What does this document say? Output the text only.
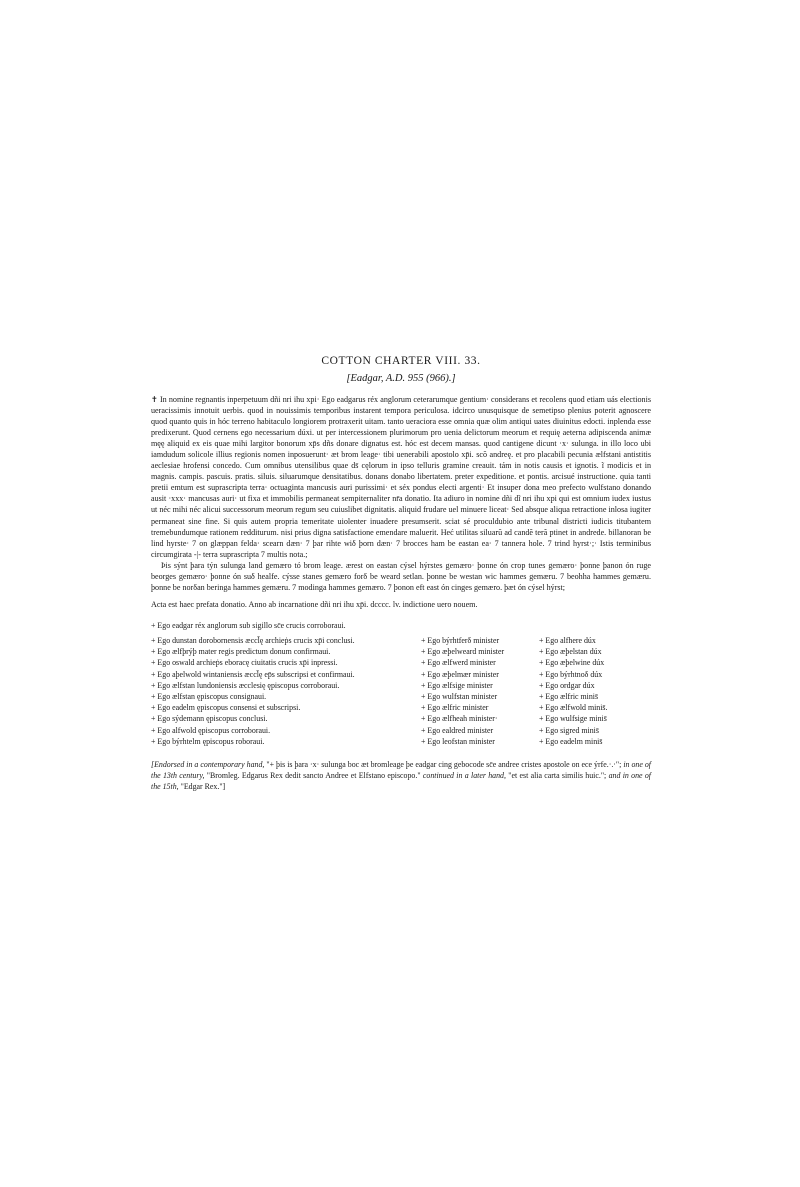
COTTON CHARTER VIII. 33.
[Eadgar, A.D. 955 (966).]

✝ In nomine regnantis inperpetuum dñi nri ihu xpi· Ego eadgarus réx anglorum ceterarumque gentium· considerans et recolens quod etiam uás electionis ueracissimis innotuit uerbis. quod in nouissimis temporibus instarent tempora periculosa. idcirco unusquisque de semetipso plenius poterit agnoscere quod quanto quis in hóc terreno habitaculo longiorem protraxerit uitam. tanto ueraciora esse omnia quæ olim antiqui uates diuinitus edocti. inplenda esse predixerunt. Quod cernens ego necessarium dúxi. ut per intercessionem plurimorum pro uenia delictorum meorum et requię aeterna adipiscenda animæ męę aliquid ex eis quae mihi largitor bonorum xp̄s dñs donare dignatus est. hóc est decem mansas. quod cantigene dicunt ·x· sulunga. in illo loco ubi iamdudum solicole illius regionis nomen inposuerunt· æt brom leage· tibi uenerabili apostolo xp̄i. scõ andreę. et pro placabili pecunia ælfstani antistitis aeclesiae hrofensi concedo. Cum omnibus utensilibus quae ds̄ cęlorum in ipso telluris gramine creauit. tám in notis causis et ignotis. ĩ modicis et in magnis. campis. pascuis. pratis. siluis. siluarumque densitatibus. donans donabo libertatem. preter expeditione. et pontis. arcisué instructione. quia tanti pretii emtum est suprascripta terra· octuaginta mancusis auri purissimi· et séx pondus electi argenti· Et insuper dona meo prefecto wulfstano donando ausit ·xxx· mancusas auri· ut fixa et immobilis permaneat sempiternaliter nr̄a donatio. Ita adiuro in nomine dñi dĩ nri ihu xpi qui est omnium iudex iustus ut néc mihi néc alicui successorum meorum regum seu cuiuslibet dignitatis. aliquid frudare uel minuere liceat· Sed absque aliqua retractione inlosa iugiter permaneat sine fine. Si quis autem propria temeritate uiolenter inuadere presumserit. sciat sé proculdubio ante tribunal districti iudicis titubantem tremebundumque rationem redditurum. nisi prius digna satisfactione emendare maluerit. Heć utilitas siluarũ ad candẽ terã ptinet in andrede. billanoran be lind hyrste· 7 on glæppan felda· scearn dæn· 7 þar rihte wiδ þorn dæn· 7 brocces ham be eastan ea· 7 tannera hole. 7 trind hyrst·;· Istis terminibus circumgirata -|- terra suprascripta 7 multis nota.;

Þis sýnt þara týn sulunga land gemæro tó brom leage. ærest on eastan cýsel hýrstes gemæro· þonne ón crop tunes gemæro· þonne þanon ón ruge beorges gemæro· þonne ón suδ healfe. cýsse stanes gemæro forδ be weard setlan. þonne be westan wic hammes gemæru. 7 beohha hammes gemæru. þonne be norδan beringa hammes gemæru. 7 modinga hammes gemæro. 7 þonon eft east ón cinges gemæro. þæt ón cýsel hýrst;

Acta est haec prefata donatio. Anno ab incarnatione dñi nri ihu xp̄i. dcccc. lv. indictione uero nouem.

+ Ego eadgar réx anglorum sub sigillo sc̄e crucis corroboraui.
+ Ego dunstan dorobornensis æccl̄ę archieṗs crucis xp̄i conclusi.
+ Ego ælfþrýþ mater regis predictum donum confirmaui.
+ Ego oswald archieṗs eboracę ciuitatis crucis xp̄i inpressi.
+ Ego aþelwold wintaniensis æccl̄ę ep̄s subscripsi et confirmaui.
+ Ego ælfstan lundoniensis æcclesię ępiscopus corroboraui.
+ Ego ælfstan ępiscopus consignaui.
+ Ego eadelm ępiscopus consensi et subscripsi.
+ Ego sýdemann ępiscopus conclusi.
+ Ego alfwold ępiscopus corroboraui.
+ Ego býrhtelm ępiscopus roboraui.
+ Ego býrhtferδ minister
+ Ego æþelweard minister
+ Ego ælfwerd minister
+ Ego æþelmær minister
+ Ego ælfsige minister
+ Ego wulfstan minister
+ Ego ælfric minister
+ Ego ælfheah minister·
+ Ego ealdred minister
+ Ego leofstan minister
+ Ego alfhere dúx
+ Ego æþelstan dúx
+ Ego æþelwine dúx
+ Ego býrhtnoδ dúx
+ Ego ordgar dúx
+ Ego ælfric minis̄
+ Ego ælfwold minis̄.
+ Ego wulfsige minis̄
+ Ego sigred minis̄
+ Ego eadelm minis̄

[Endorsed in a contemporary hand, "+ þis is þara ·x· sulunga boc æt bromleage þe eadgar cing gebocode sc̄e andree cristes apostole on ece ýrfe.·.·"; in one of the 13th century, "Bromleg. Edgarus Rex dedit sancto Andree et Elfstano episcopo." continued in a later hand, "et est alia carta similis huic."; and in one of the 15th, "Edgar Rex."]
